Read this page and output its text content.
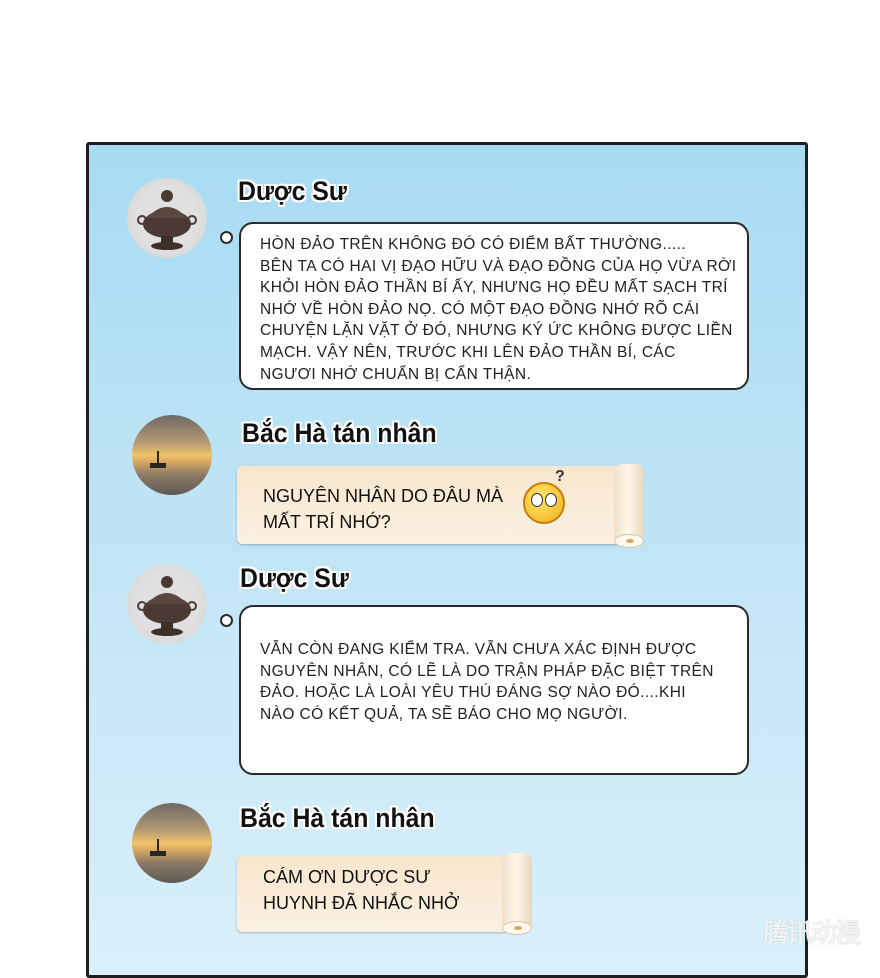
Dược Sư
HÒN ĐẢO TRÊN KHÔNG ĐÓ CÓ ĐIỂM BẤT THƯỜNG.....
BÊN TA CÓ HAI VỊ ĐẠO HỮU VÀ ĐẠO ĐỒNG CỦA HỌ VỪA RỜI
KHỎI HÒN ĐẢO THẦN BÍ ẤY, NHƯNG HỌ ĐỀU MẤT SẠCH TRÍ
NHỚ VỀ HÒN ĐẢO NỌ. CÓ MỘT ĐẠO ĐỒNG NHỚ RÕ CÁI
CHUYỆN LẶN VẶT Ở ĐÓ, NHƯNG KÝ ỨC KHÔNG ĐƯỢC LIỀN
MẠCH. VẬY NÊN, TRƯỚC KHI LÊN ĐẢO THẦN BÍ, CÁC
NGƯƠI NHỚ CHUẨN BỊ CẨN THẬN.
Bắc Hà tán nhân
NGUYÊN NHÂN DO ĐÂU MÀ
MẤT TRÍ NHỚ?
?
Dược Sư
VẪN CÒN ĐANG KIỂM TRA. VẪN CHƯA XÁC ĐỊNH ĐƯỢC
NGUYÊN NHÂN, CÓ LẼ LÀ DO TRẬN PHÁP ĐẶC BIỆT TRÊN
ĐẢO. HOẶC LÀ LOÀI YÊU THÚ ĐÁNG SỢ NÀO ĐÓ....KHI
NÀO CÓ KẾT QUẢ, TA SẼ BÁO CHO MỌ NGƯỜI.
Bắc Hà tán nhân
CÁM ƠN DƯỢC SƯ
HUYNH ĐÃ NHẮC NHỞ
腾讯动漫
